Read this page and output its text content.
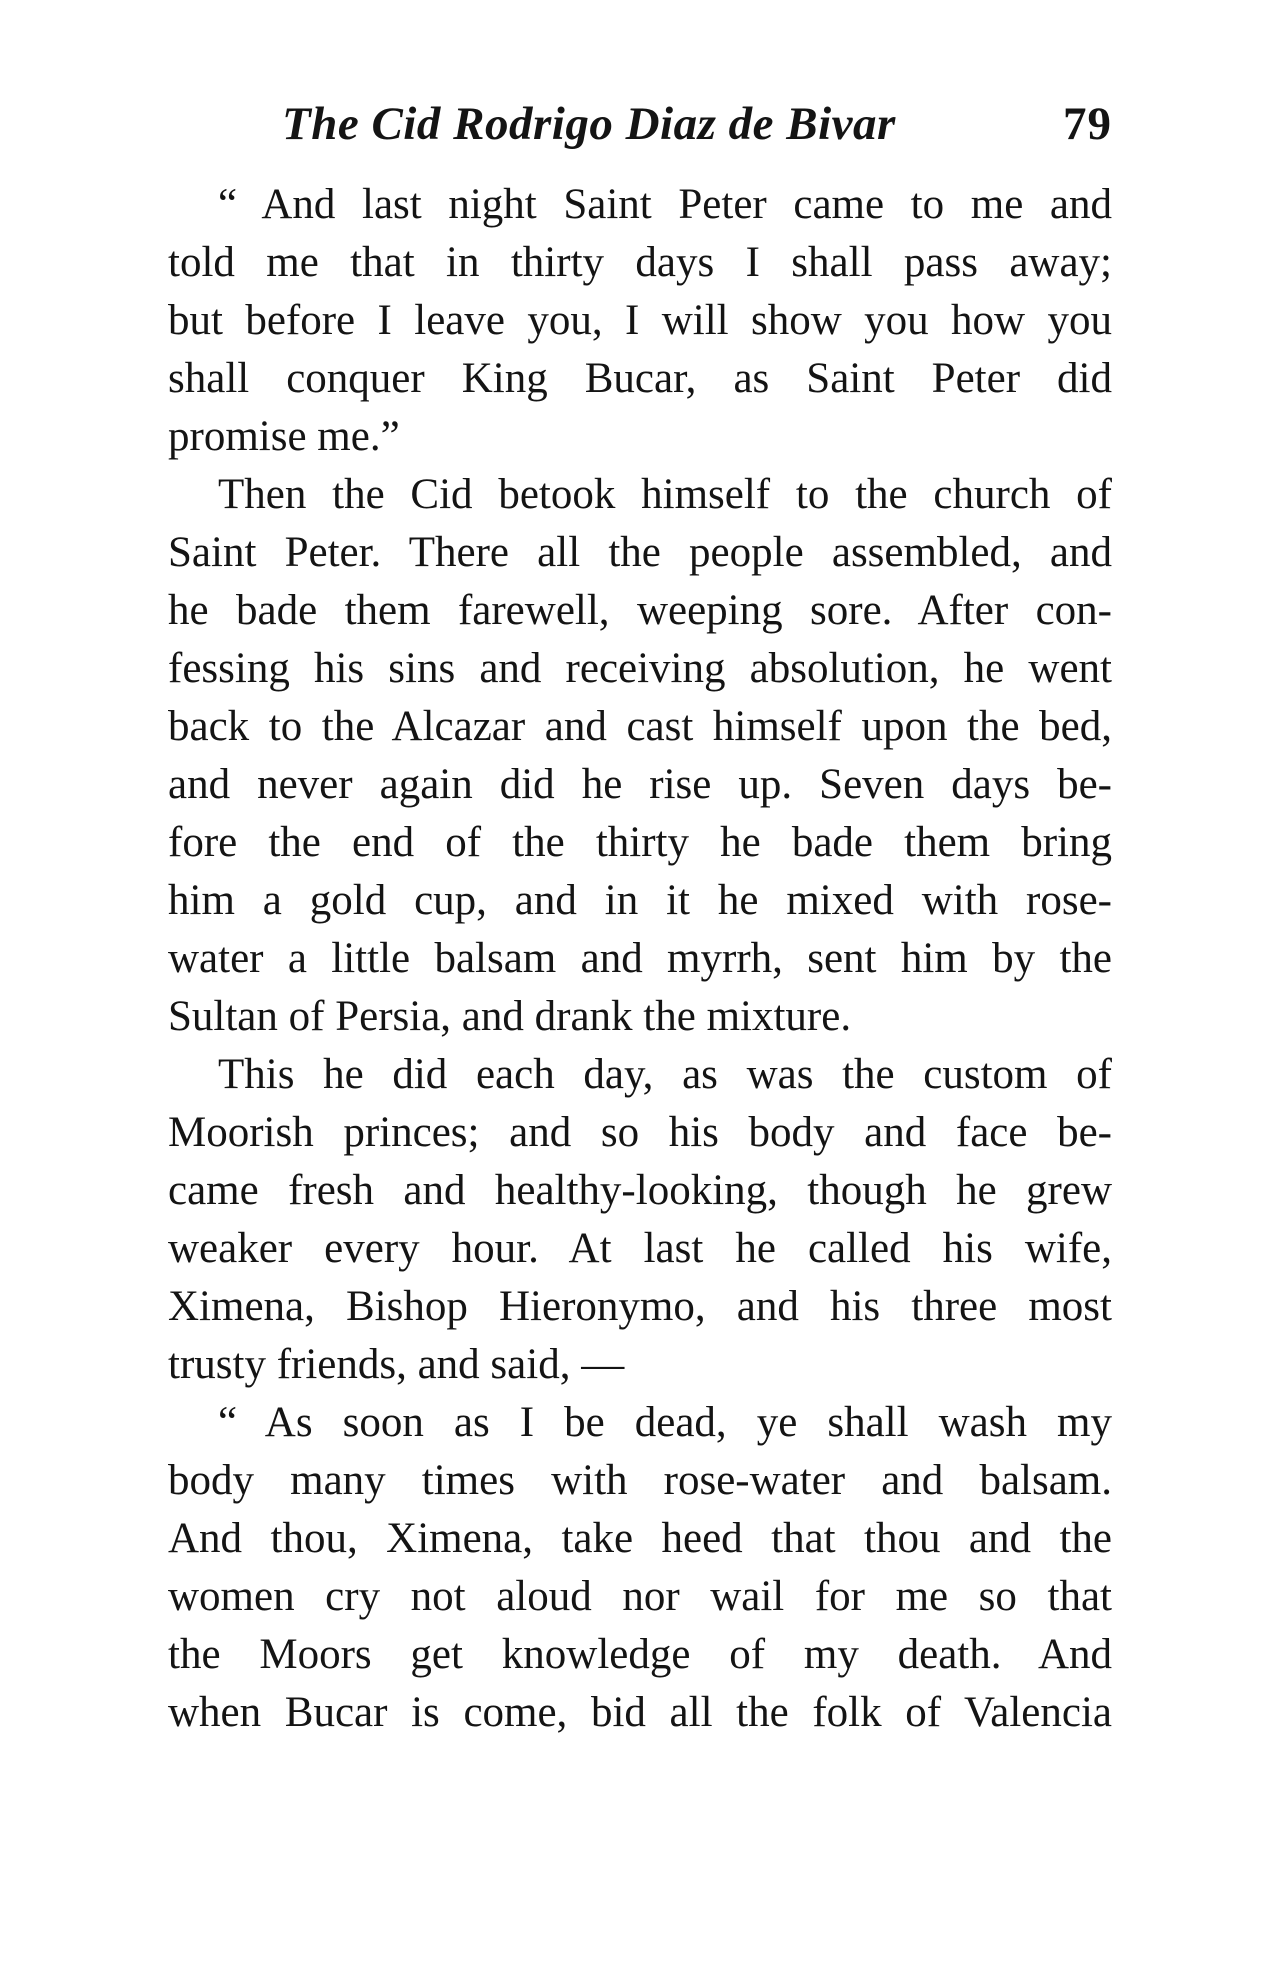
The Cid Rodrigo Diaz de Bivar	79
“ And last night Saint Peter came to me and
told me that in thirty days I shall pass away;
but before I leave you, I will show you how you
shall conquer King Bucar, as Saint Peter did
promise me.”
Then the Cid betook himself to the church of
Saint Peter. There all the people assembled, and
he bade them farewell, weeping sore. After con-
fessing his sins and receiving absolution, he went
back to the Alcazar and cast himself upon the bed,
and never again did he rise up. Seven days be-
fore the end of the thirty he bade them bring
him a gold cup, and in it he mixed with rose-
water a little balsam and myrrh, sent him by the
Sultan of Persia, and drank the mixture.
This he did each day, as was the custom of
Moorish princes; and so his body and face be-
came fresh and healthy-looking, though he grew
weaker every hour. At last he called his wife,
Ximena, Bishop Hieronymo, and his three most
trusty friends, and said, —
“ As soon as I be dead, ye shall wash my
body many times with rose-water and balsam.
And thou, Ximena, take heed that thou and the
women cry not aloud nor wail for me so that
the Moors get knowledge of my death. And
when Bucar is come, bid all the folk of Valencia
